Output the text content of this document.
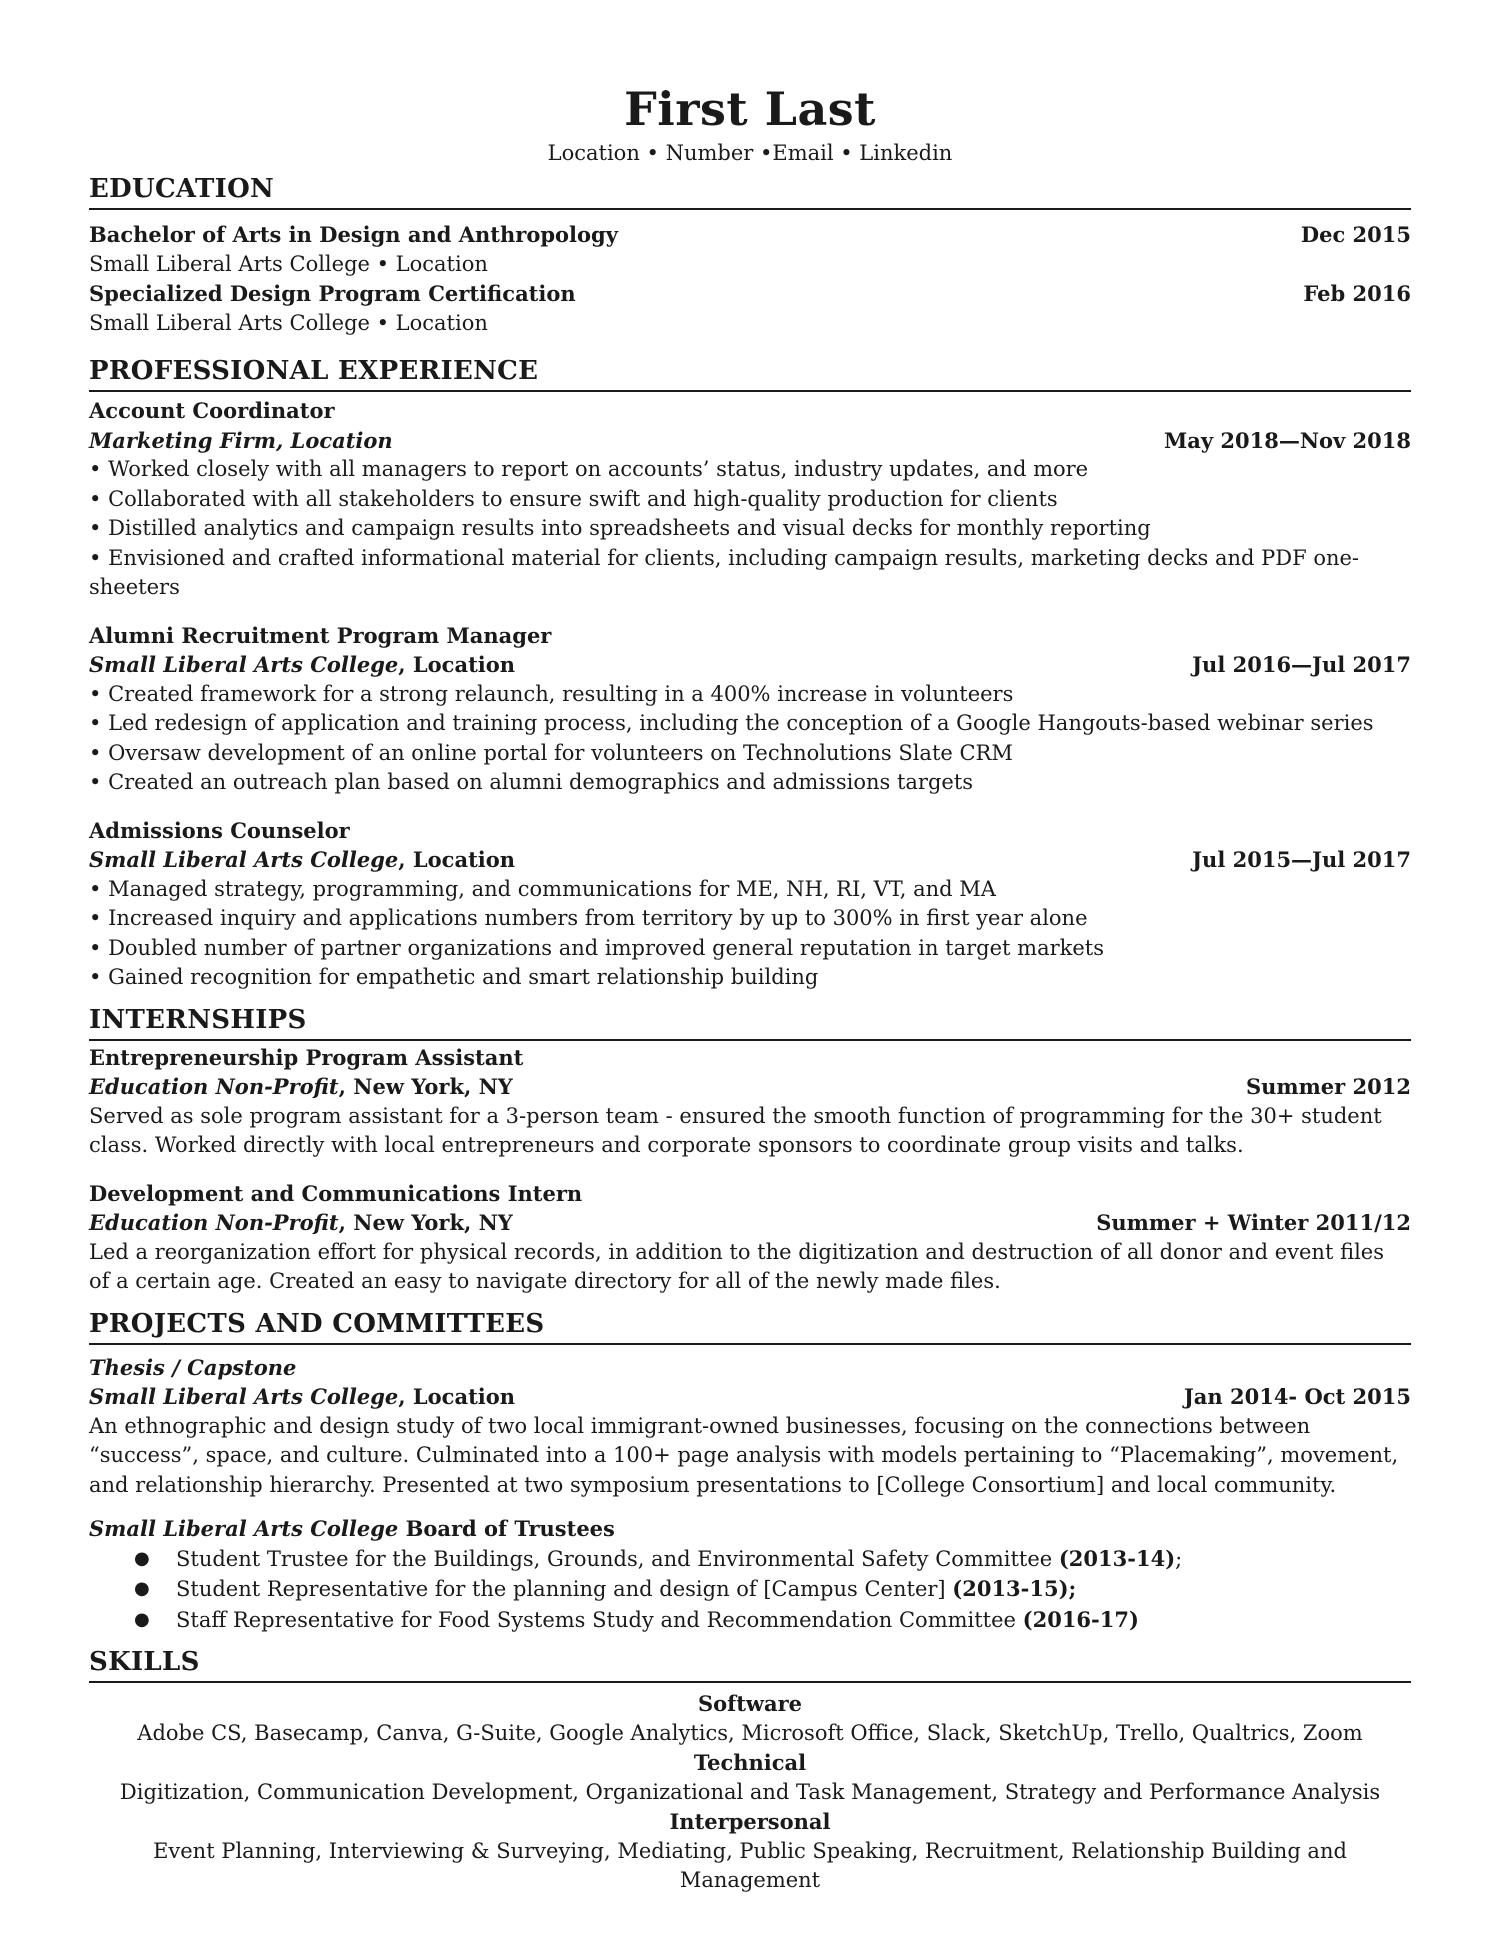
First Last
Location • Number •Email • Linkedin
EDUCATION
Bachelor of Arts in Design and Anthropology	Dec 2015
Small Liberal Arts College • Location
Specialized Design Program Certification	Feb 2016
Small Liberal Arts College • Location
PROFESSIONAL EXPERIENCE
Account Coordinator
Marketing Firm, Location	May 2018—Nov 2018
• Worked closely with all managers to report on accounts’ status, industry updates, and more
• Collaborated with all stakeholders to ensure swift and high-quality production for clients
• Distilled analytics and campaign results into spreadsheets and visual decks for monthly reporting
• Envisioned and crafted informational material for clients, including campaign results, marketing decks and PDF one-sheeters
Alumni Recruitment Program Manager
Small Liberal Arts College, Location	Jul 2016—Jul 2017
• Created framework for a strong relaunch, resulting in a 400% increase in volunteers
• Led redesign of application and training process, including the conception of a Google Hangouts-based webinar series
• Oversaw development of an online portal for volunteers on Technolutions Slate CRM
• Created an outreach plan based on alumni demographics and admissions targets
Admissions Counselor
Small Liberal Arts College, Location	Jul 2015—Jul 2017
• Managed strategy, programming, and communications for ME, NH, RI, VT, and MA
• Increased inquiry and applications numbers from territory by up to 300% in first year alone
• Doubled number of partner organizations and improved general reputation in target markets
• Gained recognition for empathetic and smart relationship building
INTERNSHIPS
Entrepreneurship Program Assistant
Education Non-Profit, New York, NY	Summer 2012

Served as sole program assistant for a 3-person team - ensured the smooth function of programming for the 30+ student class. Worked directly with local entrepreneurs and corporate sponsors to coordinate group visits and talks.

Development and Communications Intern
Education Non-Profit, New York, NY	Summer + Winter 2011/12

Led a reorganization effort for physical records, in addition to the digitization and destruction of all donor and event files of a certain age. Created an easy to navigate directory for all of the newly made files.

PROJECTS AND COMMITTEES
Thesis / Capstone
Small Liberal Arts College, Location	Jan 2014- Oct 2015

An ethnographic and design study of two local immigrant-owned businesses, focusing on the connections between “success”, space, and culture. Culminated into a 100+ page analysis with models pertaining to “Placemaking”, movement, and relationship hierarchy. Presented at two symposium presentations to [College Consortium] and local community.

Small Liberal Arts College Board of Trustees
● Student Trustee for the Buildings, Grounds, and Environmental Safety Committee (2013-14);
● Student Representative for the planning and design of [Campus Center] (2013-15);
● Staff Representative for Food Systems Study and Recommendation Committee (2016-17)
SKILLS
Software
Adobe CS, Basecamp, Canva, G-Suite, Google Analytics, Microsoft Office, Slack, SketchUp, Trello, Qualtrics, Zoom
Technical
Digitization, Communication Development, Organizational and Task Management, Strategy and Performance Analysis
Interpersonal
Event Planning, Interviewing & Surveying, Mediating, Public Speaking, Recruitment, Relationship Building and Management
